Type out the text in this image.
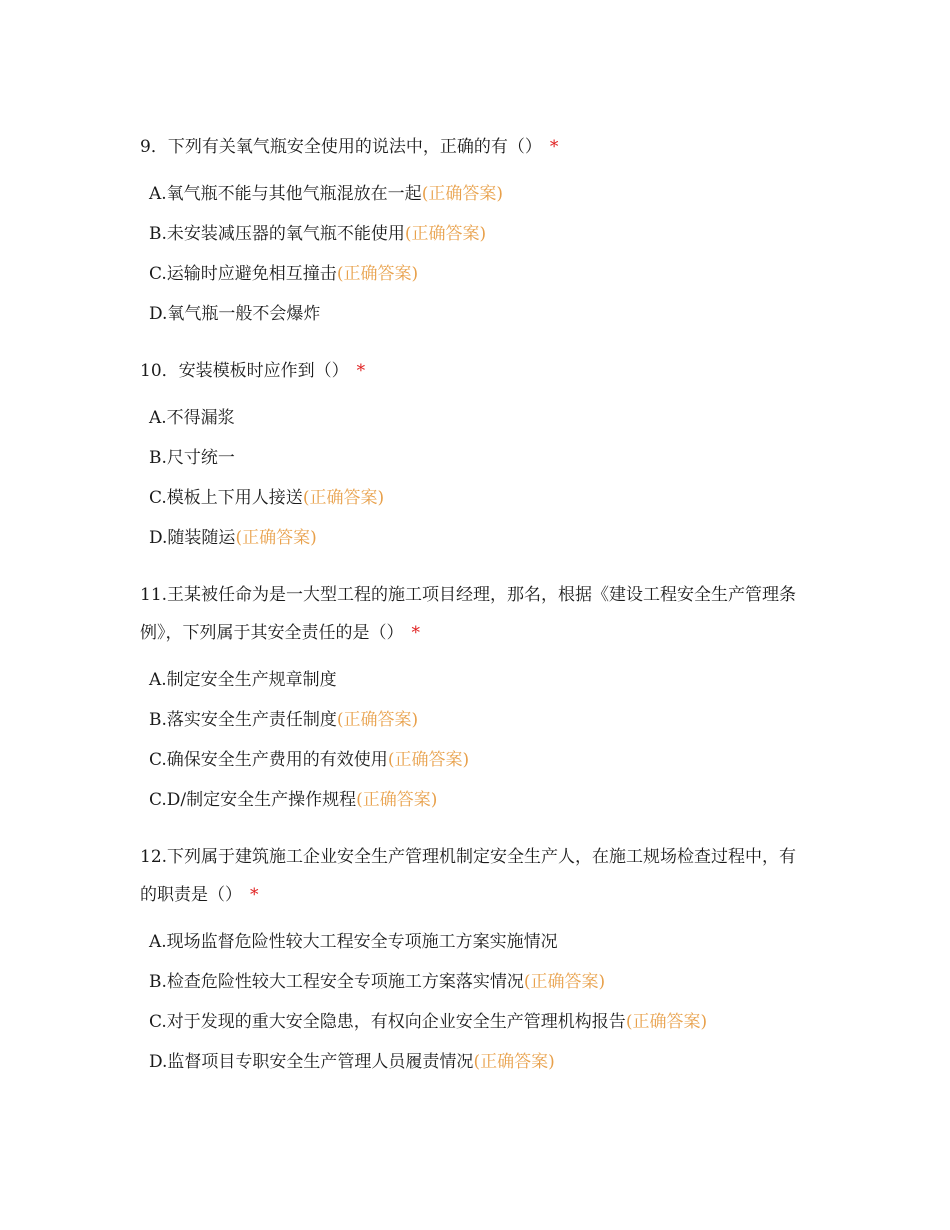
9．下列有关氧气瓶安全使用的说法中，正确的有（） *

A.氧气瓶不能与其他气瓶混放在一起(正确答案)
B.未安装减压器的氧气瓶不能使用(正确答案)
C.运输时应避免相互撞击(正确答案)
D.氧气瓶一般不会爆炸

10．安装模板时应作到（） *

A.不得漏浆
B.尺寸统一
C.模板上下用人接送(正确答案)
D.随装随运(正确答案)

11.王某被任命为是一大型工程的施工项目经理，那名，根据《建设工程安全生产管理条例》，下列属于其安全责任的是（） *

A.制定安全生产规章制度
B.落实安全生产责任制度(正确答案)
C.确保安全生产费用的有效使用(正确答案)
C.D/制定安全生产操作规程(正确答案)

12.下列属于建筑施工企业安全生产管理机制定安全生产人，在施工规场检查过程中，有的职责是（） *

A.现场监督危险性较大工程安全专项施工方案实施情况
B.检查危险性较大工程安全专项施工方案落实情况(正确答案)
C.对于发现的重大安全隐患，有权向企业安全生产管理机构报告(正确答案)
D.监督项目专职安全生产管理人员履责情况(正确答案)
